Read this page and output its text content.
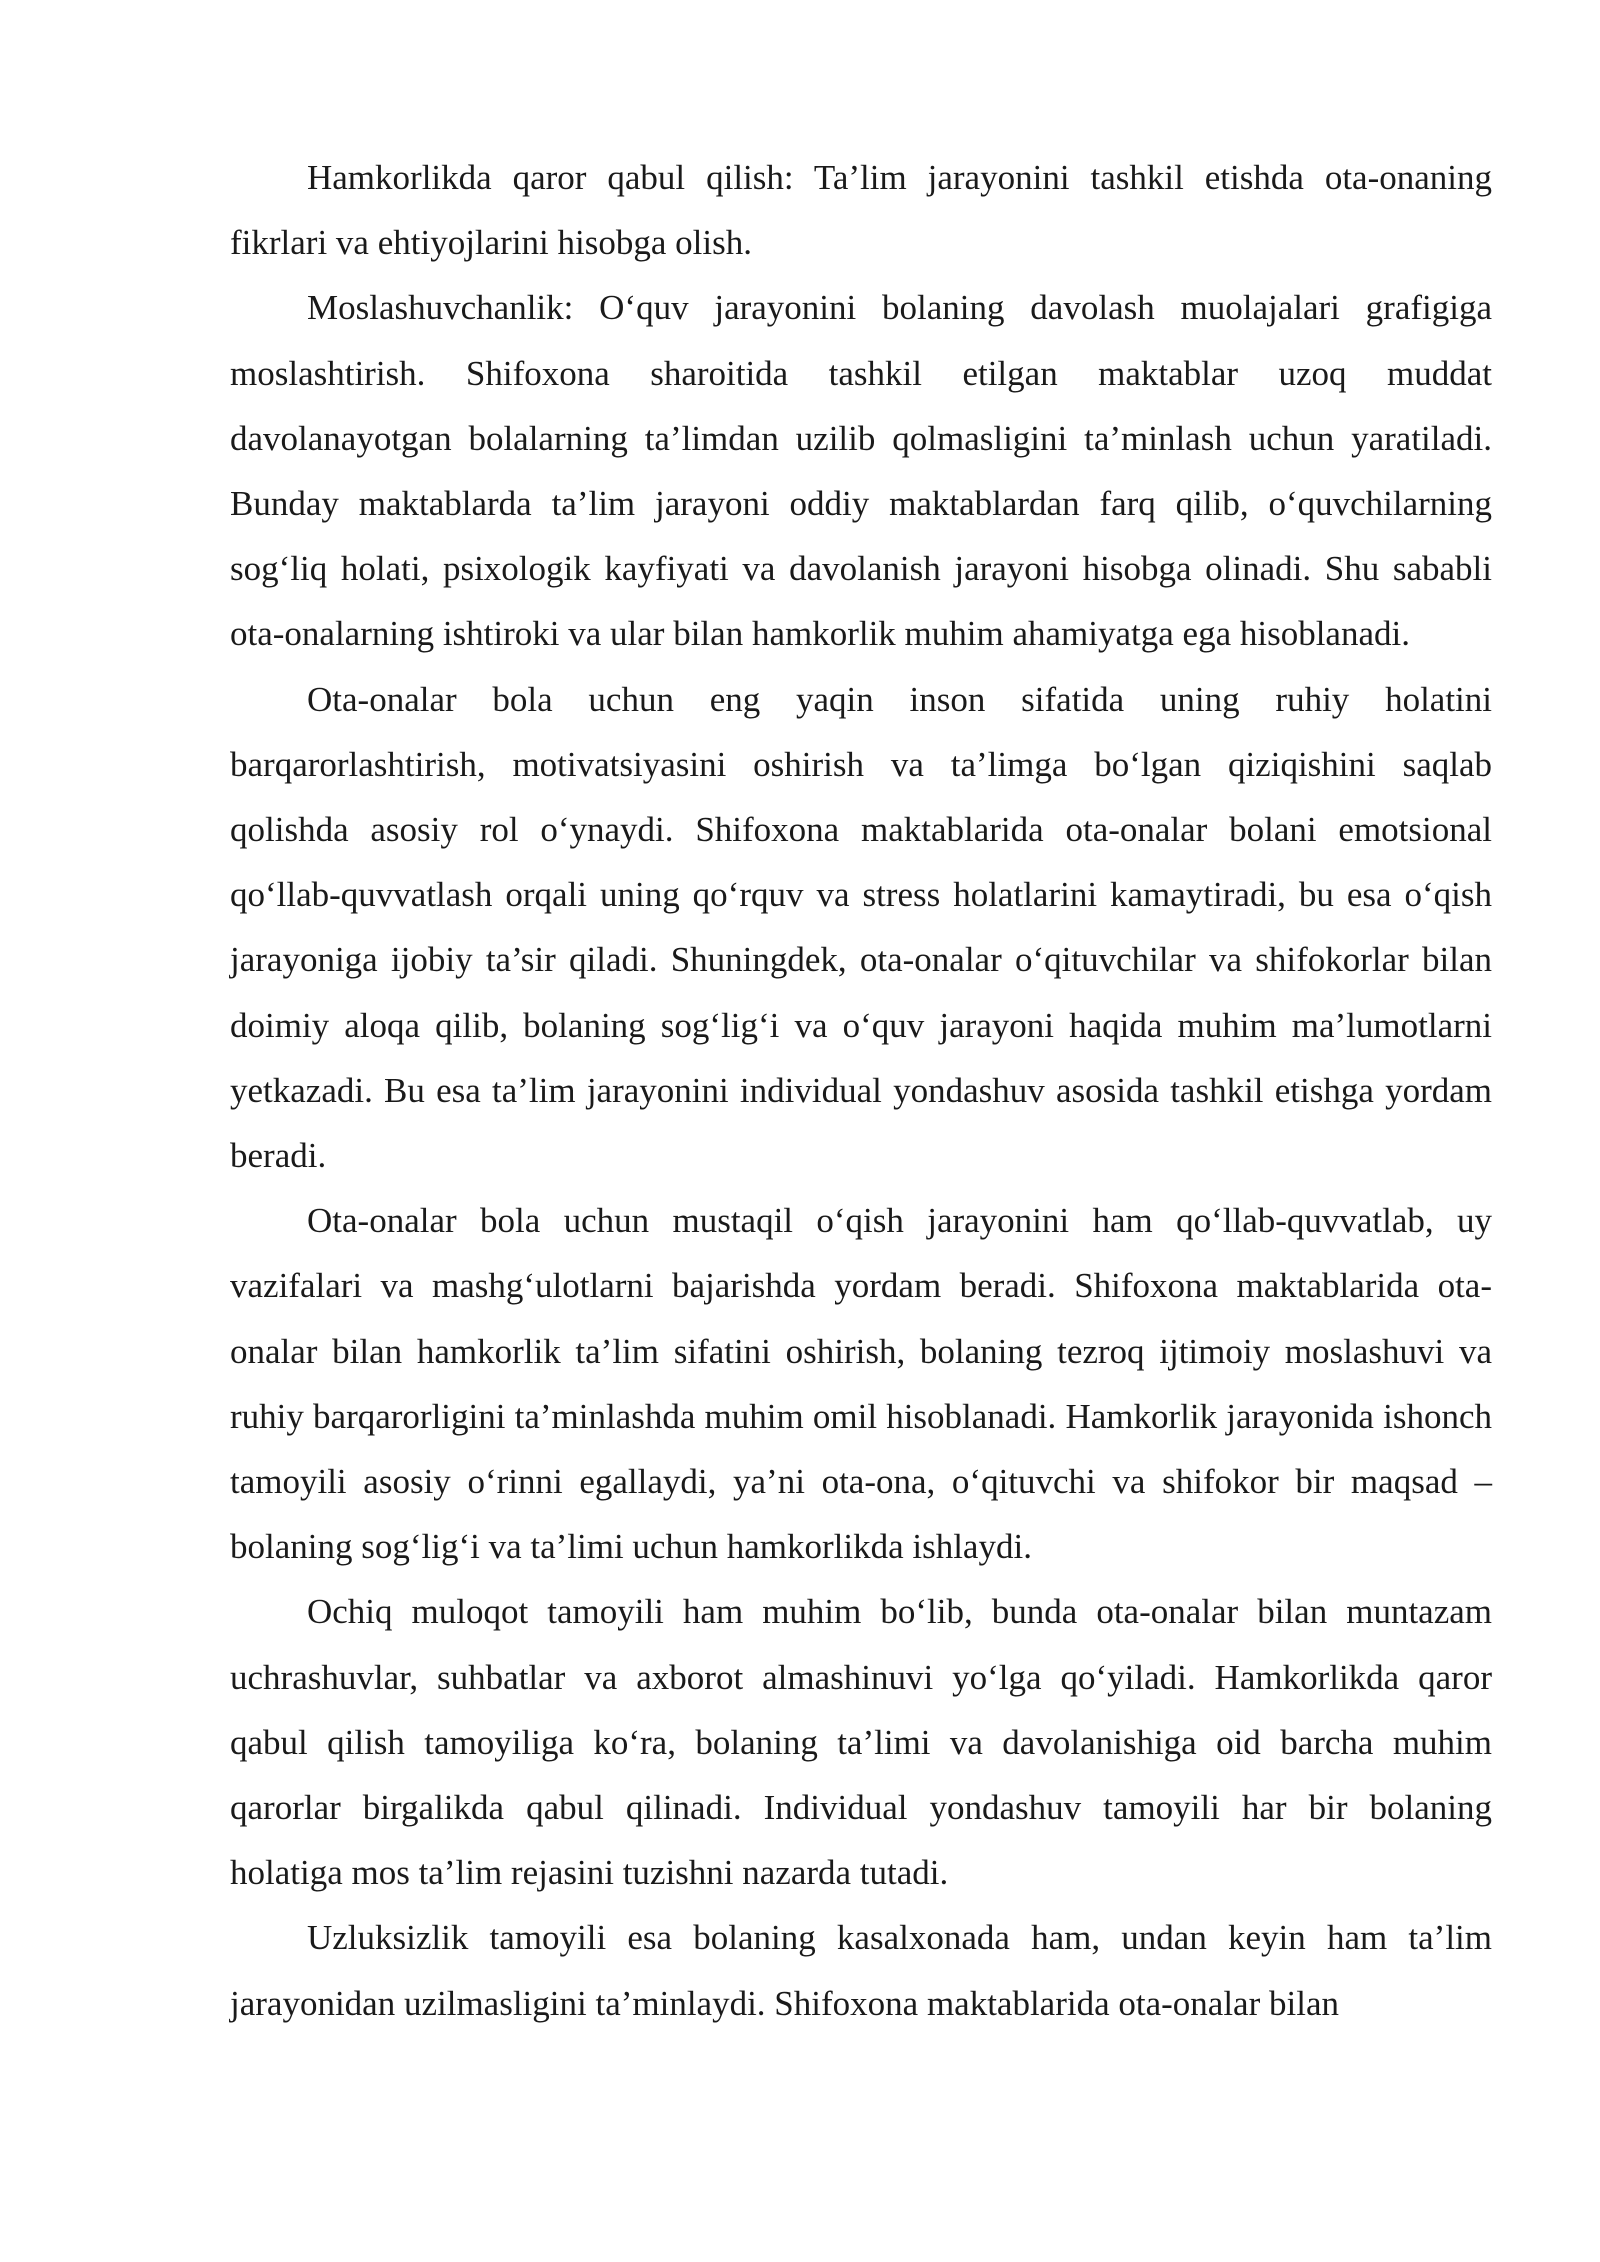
Hamkorlikda qaror qabul qilish: Ta’lim jarayonini tashkil etishda ota-onaning fikrlari va ehtiyojlarini hisobga olish.

Moslashuvchanlik: O‘quv jarayonini bolaning davolash muolajalari grafigiga moslashtirish. Shifoxona sharoitida tashkil etilgan maktablar uzoq muddat davolanayotgan bolalarning ta’limdan uzilib qolmasligini ta’minlash uchun yaratiladi. Bunday maktablarda ta’lim jarayoni oddiy maktablardan farq qilib, o‘quvchilarning sog‘liq holati, psixologik kayfiyati va davolanish jarayoni hisobga olinadi. Shu sababli ota-onalarning ishtiroki va ular bilan hamkorlik muhim ahamiyatga ega hisoblanadi.

Ota-onalar bola uchun eng yaqin inson sifatida uning ruhiy holatini barqarorlashtirish, motivatsiyasini oshirish va ta’limga bo‘lgan qiziqishini saqlab qolishda asosiy rol o‘ynaydi. Shifoxona maktablarida ota-onalar bolani emotsional qo‘llab-quvvatlash orqali uning qo‘rquv va stress holatlarini kamaytiradi, bu esa o‘qish jarayoniga ijobiy ta’sir qiladi. Shuningdek, ota-onalar o‘qituvchilar va shifokorlar bilan doimiy aloqa qilib, bolaning sog‘lig‘i va o‘quv jarayoni haqida muhim ma’lumotlarni yetkazadi. Bu esa ta’lim jarayonini individual yondashuv asosida tashkil etishga yordam beradi.

Ota-onalar bola uchun mustaqil o‘qish jarayonini ham qo‘llab-quvvatlab, uy vazifalari va mashg‘ulotlarni bajarishda yordam beradi. Shifoxona maktablarida ota-onalar bilan hamkorlik ta’lim sifatini oshirish, bolaning tezroq ijtimoiy moslashuvi va ruhiy barqarorligini ta’minlashda muhim omil hisoblanadi. Hamkorlik jarayonida ishonch tamoyili asosiy o‘rinni egallaydi, ya’ni ota-ona, o‘qituvchi va shifokor bir maqsad – bolaning sog‘lig‘i va ta’limi uchun hamkorlikda ishlaydi.

Ochiq muloqot tamoyili ham muhim bo‘lib, bunda ota-onalar bilan muntazam uchrashuvlar, suhbatlar va axborot almashinuvi yo‘lga qo‘yiladi. Hamkorlikda qaror qabul qilish tamoyiliga ko‘ra, bolaning ta’limi va davolanishiga oid barcha muhim qarorlar birgalikda qabul qilinadi. Individual yondashuv tamoyili har bir bolaning holatiga mos ta’lim rejasini tuzishni nazarda tutadi.

Uzluksizlik tamoyili esa bolaning kasalxonada ham, undan keyin ham ta’lim jarayonidan uzilmasligini ta’minlaydi. Shifoxona maktablarida ota-onalar bilan
